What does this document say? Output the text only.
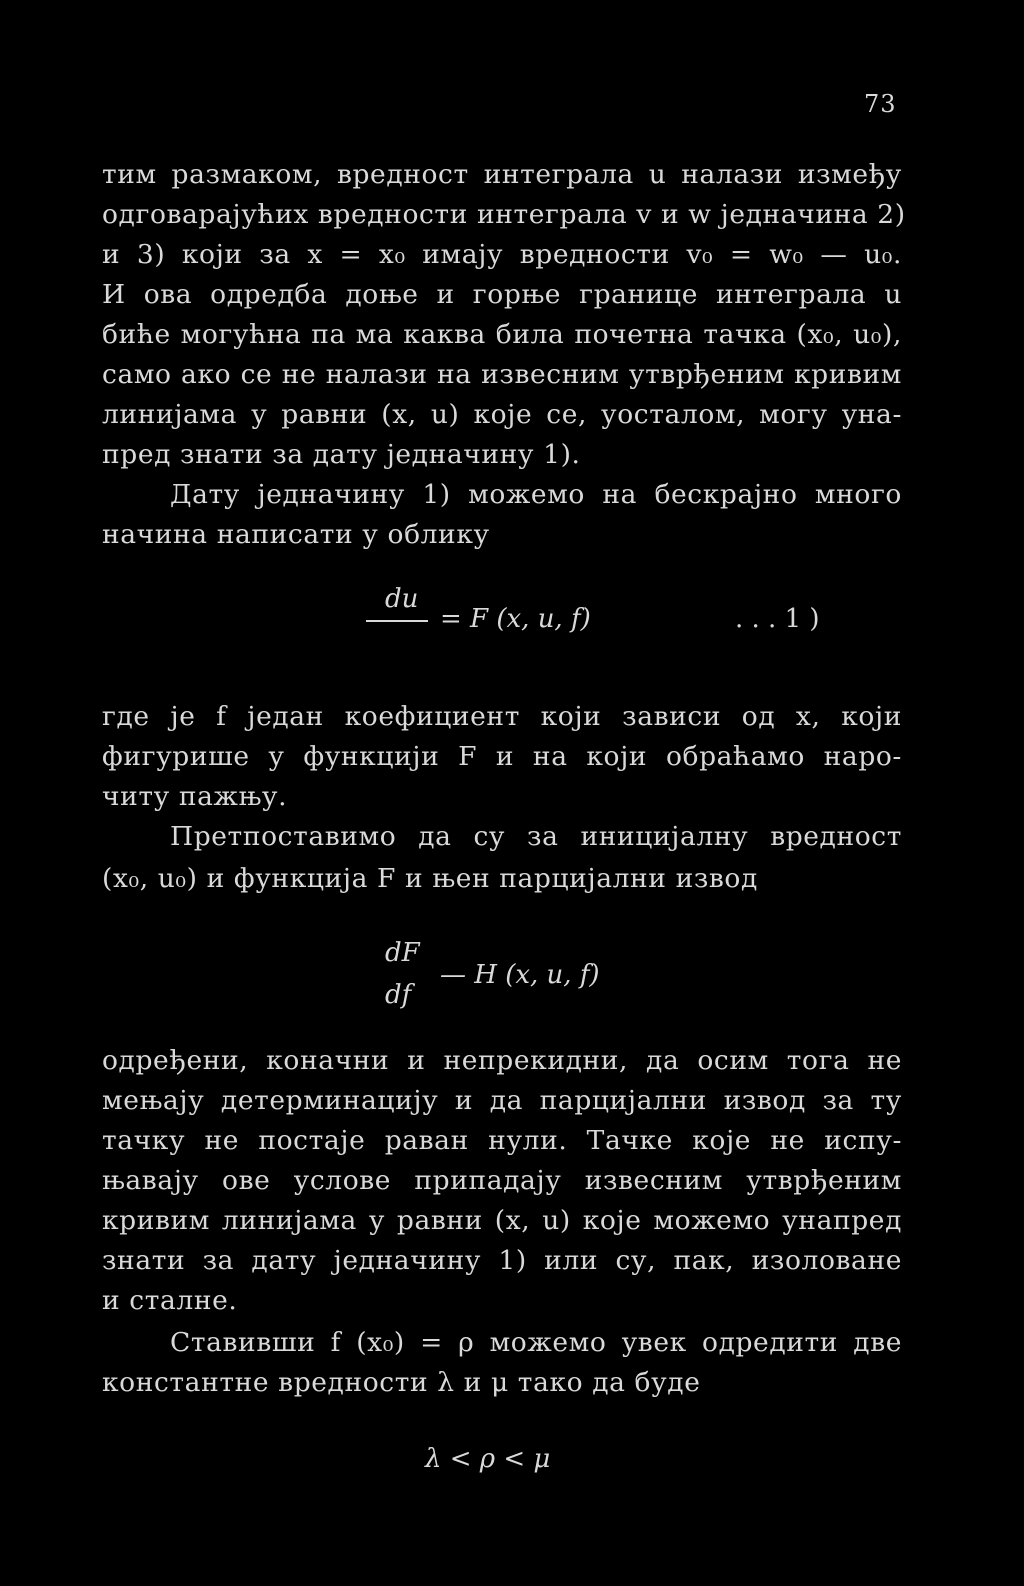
73
тим размаком, вредност интеграла u налази између
одговарајућих вредности интеграла v и w једначина 2)
и 3) који за x = x₀ имају вредности v₀ = w₀ — u₀.
И ова одредба доње и горње границе интеграла u
биће могућна па ма каква била почетна тачка (x₀, u₀),
само ако се не налази на извесним утврђеним кривим
линијама у равни (x, u) које се, уосталом, могу уна-
пред знати за дату једначину 1).
Дату једначину 1) можемо на бескрајно много
начина написати у облику
du
= F (x, u, f)	. . . 1 )
где је f један коефициент који зависи од x, који
фигурише у функцији F и на који обраћамо наро-
читу пажњу.
Претпоставимо да су за иницијалну вредност
(x₀, u₀) и функција F и њен парцијални извод
dF
df
— H (x, u, f)
одређени, коначни и непрекидни, да осим тога не
мењају детерминацију и да парцијални извод за ту
тачку не постаје раван нули. Тачке које не испу-
њавају ове услове припадају извесним утврђеним
кривим линијама у равни (x, u) које можемо унапред
знати за дату једначину 1) или су, пак, изоловане
и сталне.
Ставивши f (x₀) = ρ можемо увек одредити две
константне вредности λ и μ тако да буде
λ < ρ < μ
